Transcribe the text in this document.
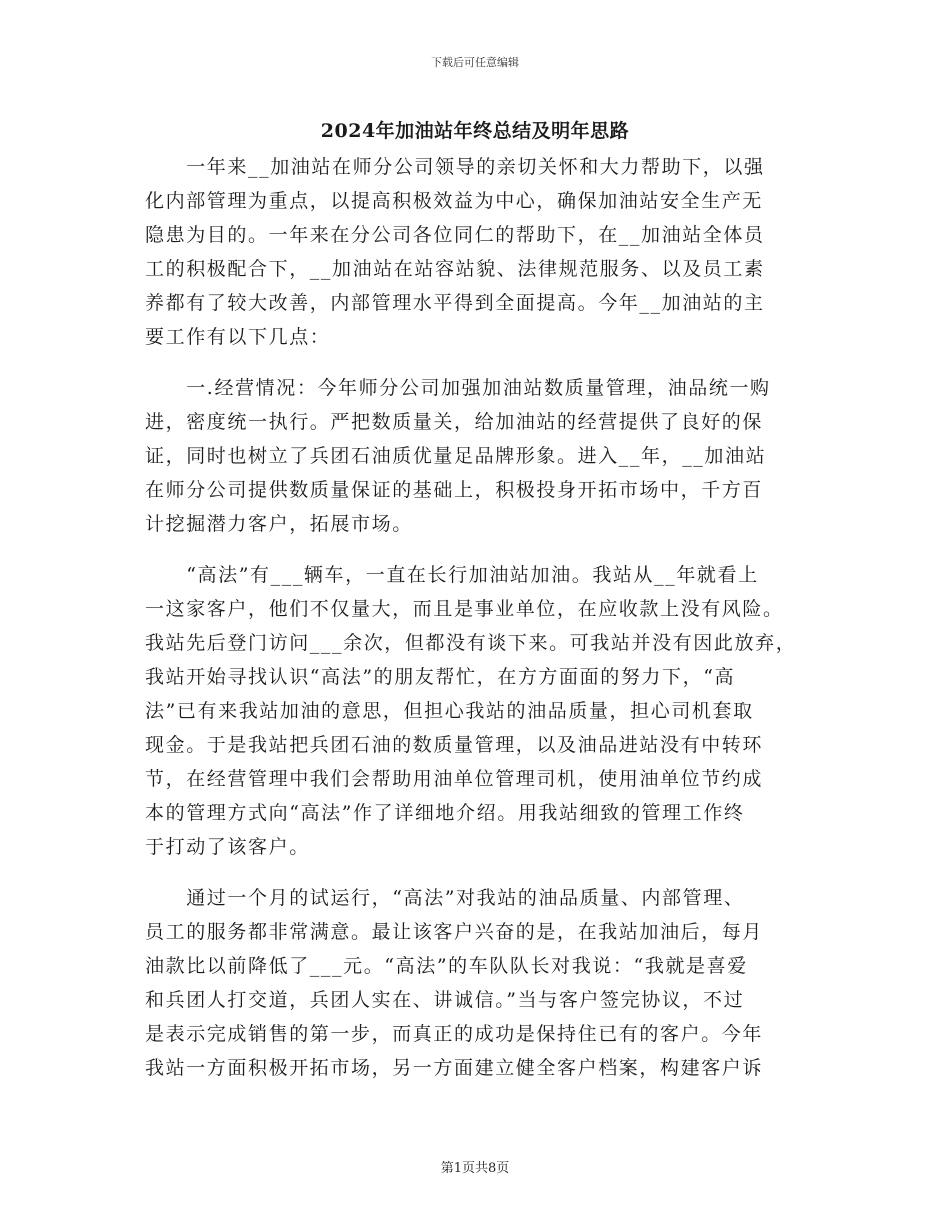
下载后可任意编辑
2024年加油站年终总结及明年思路
　　一年来__加油站在师分公司领导的亲切关怀和大力帮助下，以强
化内部管理为重点，以提高积极效益为中心，确保加油站安全生产无
隐患为目的。一年来在分公司各位同仁的帮助下，在__加油站全体员
工的积极配合下，__加油站在站容站貌、法律规范服务、以及员工素
养都有了较大改善，内部管理水平得到全面提高。今年__加油站的主
要工作有以下几点：
　　一.经营情况：今年师分公司加强加油站数质量管理，油品统一购
进，密度统一执行。严把数质量关，给加油站的经营提供了良好的保
证，同时也树立了兵团石油质优量足品牌形象。进入__年，__加油站
在师分公司提供数质量保证的基础上，积极投身开拓市场中，千方百
计挖掘潜力客户，拓展市场。
　　“高法”有___辆车，一直在长行加油站加油。我站从__年就看上
一这家客户，他们不仅量大，而且是事业单位，在应收款上没有风险。
我站先后登门访问___余次，但都没有谈下来。可我站并没有因此放弃，
我站开始寻找认识“高法”的朋友帮忙，在方方面面的努力下，“高
法”已有来我站加油的意思，但担心我站的油品质量，担心司机套取
现金。于是我站把兵团石油的数质量管理，以及油品进站没有中转环
节，在经营管理中我们会帮助用油单位管理司机，使用油单位节约成
本的管理方式向“高法”作了详细地介绍。用我站细致的管理工作终
于打动了该客户。
　　通过一个月的试运行，“高法”对我站的油品质量、内部管理、
员工的服务都非常满意。最让该客户兴奋的是，在我站加油后，每月
油款比以前降低了___元。“高法”的车队队长对我说：“我就是喜爱
和兵团人打交道，兵团人实在、讲诚信。”当与客户签完协议，不过
是表示完成销售的第一步，而真正的成功是保持住已有的客户。今年
我站一方面积极开拓市场，另一方面建立健全客户档案，构建客户诉
第1页共8页
